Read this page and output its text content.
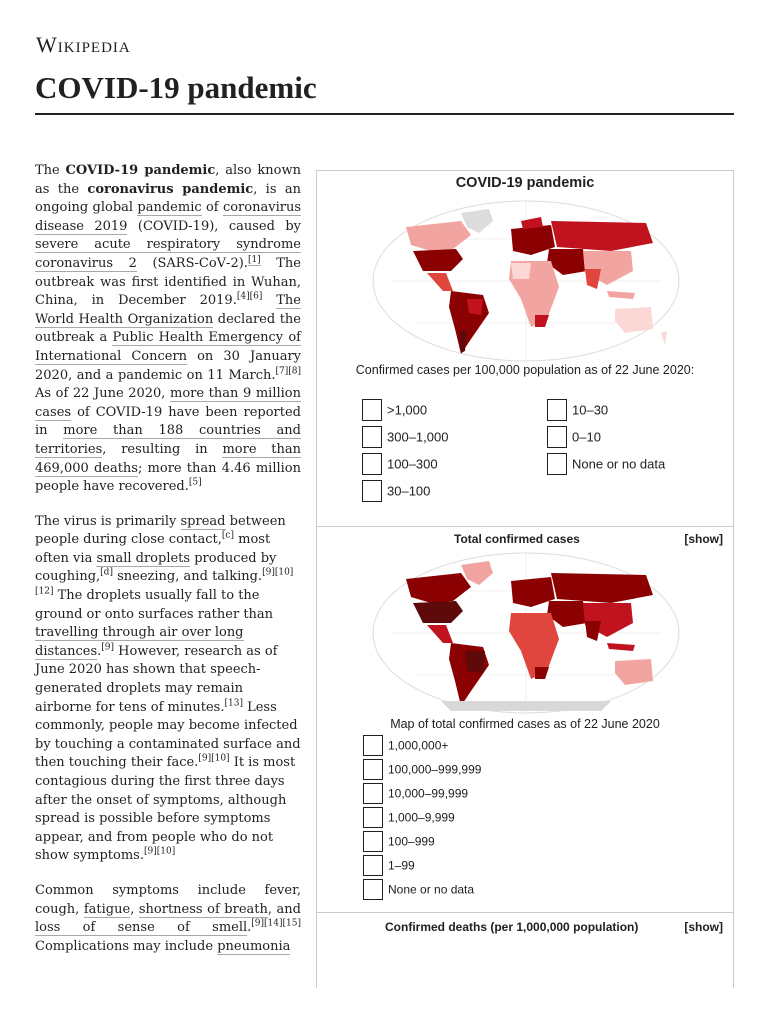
Wikipedia
COVID-19 pandemic

The COVID-19 pandemic, also known as the coronavirus pandemic, is an ongoing global pandemic of coronavirus disease 2019 (COVID‑19), caused by severe acute respiratory syndrome coronavirus 2 (SARS‑CoV‑2).[1] The outbreak was first identified in Wuhan, China, in December 2019.[4][6] The World Health Organization declared the outbreak a Public Health Emergency of International Concern on 30 January 2020, and a pandemic on 11 March.[7][8] As of 22 June 2020, more than 9 million cases of COVID-19 have been reported in more than 188 countries and territories, resulting in more than 469,000 deaths; more than 4.46 million people have recovered.[5]

The virus is primarily spread between people during close contact,[c] most often via small droplets produced by coughing,[d] sneezing, and talking.[9][10][12] The droplets usually fall to the ground or onto surfaces rather than travelling through air over long distances.[9] However, research as of June 2020 has shown that speech-generated droplets may remain airborne for tens of minutes.[13] Less commonly, people may become infected by touching a contaminated surface and then touching their face.[9][10] It is most contagious during the first three days after the onset of symptoms, although spread is possible before symptoms appear, and from people who do not show symptoms.[9][10]

Common symptoms include fever, cough, fatigue, shortness of breath, and loss of sense of smell.[9][14][15] Complications may include pneumonia

COVID-19 pandemic
Confirmed cases per 100,000 population as of 22 June 2020:
>1,000
300–1,000
100–300
30–100
10–30
0–10
None or no data
Total confirmed cases	[show]
Map of total confirmed cases as of 22 June 2020
1,000,000+
100,000–999,999
10,000–99,999
1,000–9,999
100–999
1–99
None or no data
Confirmed deaths (per 1,000,000 population)	[show]
